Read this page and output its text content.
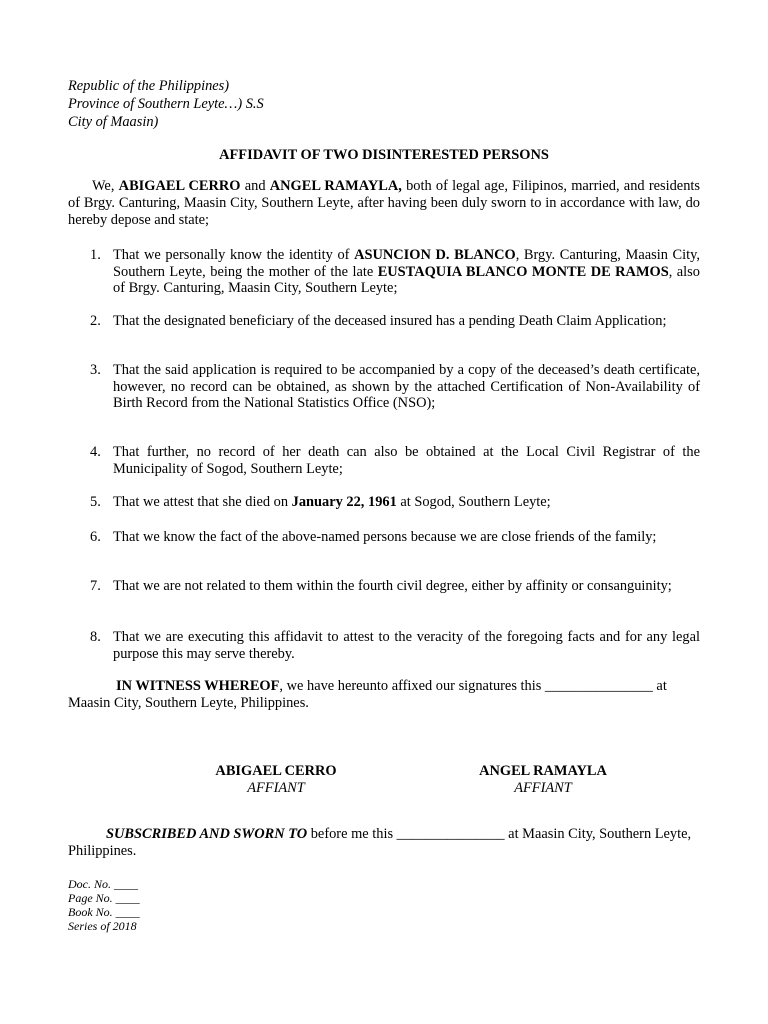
Republic of the Philippines)
Province of Southern Leyte…) S.S
City of Maasin)
AFFIDAVIT OF TWO DISINTERESTED PERSONS
We, ABIGAEL CERRO and ANGEL RAMAYLA, both of legal age, Filipinos, married, and residents of Brgy. Canturing, Maasin City, Southern Leyte, after having been duly sworn to in accordance with law, do hereby depose and state;
1. That we personally know the identity of ASUNCION D. BLANCO, Brgy. Canturing, Maasin City, Southern Leyte, being the mother of the late EUSTAQUIA BLANCO MONTE DE RAMOS, also of Brgy. Canturing, Maasin City, Southern Leyte;
2. That the designated beneficiary of the deceased insured has a pending Death Claim Application;
3. That the said application is required to be accompanied by a copy of the deceased’s death certificate, however, no record can be obtained, as shown by the attached Certification of Non-Availability of Birth Record from the National Statistics Office (NSO);
4. That further, no record of her death can also be obtained at the Local Civil Registrar of the Municipality of Sogod, Southern Leyte;
5. That we attest that she died on January 22, 1961 at Sogod, Southern Leyte;
6. That we know the fact of the above-named persons because we are close friends of the family;
7. That we are not related to them within the fourth civil degree, either by affinity or consanguinity;
8. That we are executing this affidavit to attest to the veracity of the foregoing facts and for any legal purpose this may serve thereby.
IN WITNESS WHEREOF, we have hereunto affixed our signatures this _______________ at Maasin City, Southern Leyte, Philippines.
ABIGAEL CERRO
AFFIANT
ANGEL RAMAYLA
AFFIANT
SUBSCRIBED AND SWORN TO before me this _______________ at Maasin City, Southern Leyte, Philippines.
Doc. No. ____
Page No. ____
Book No. ____
Series of 2018
